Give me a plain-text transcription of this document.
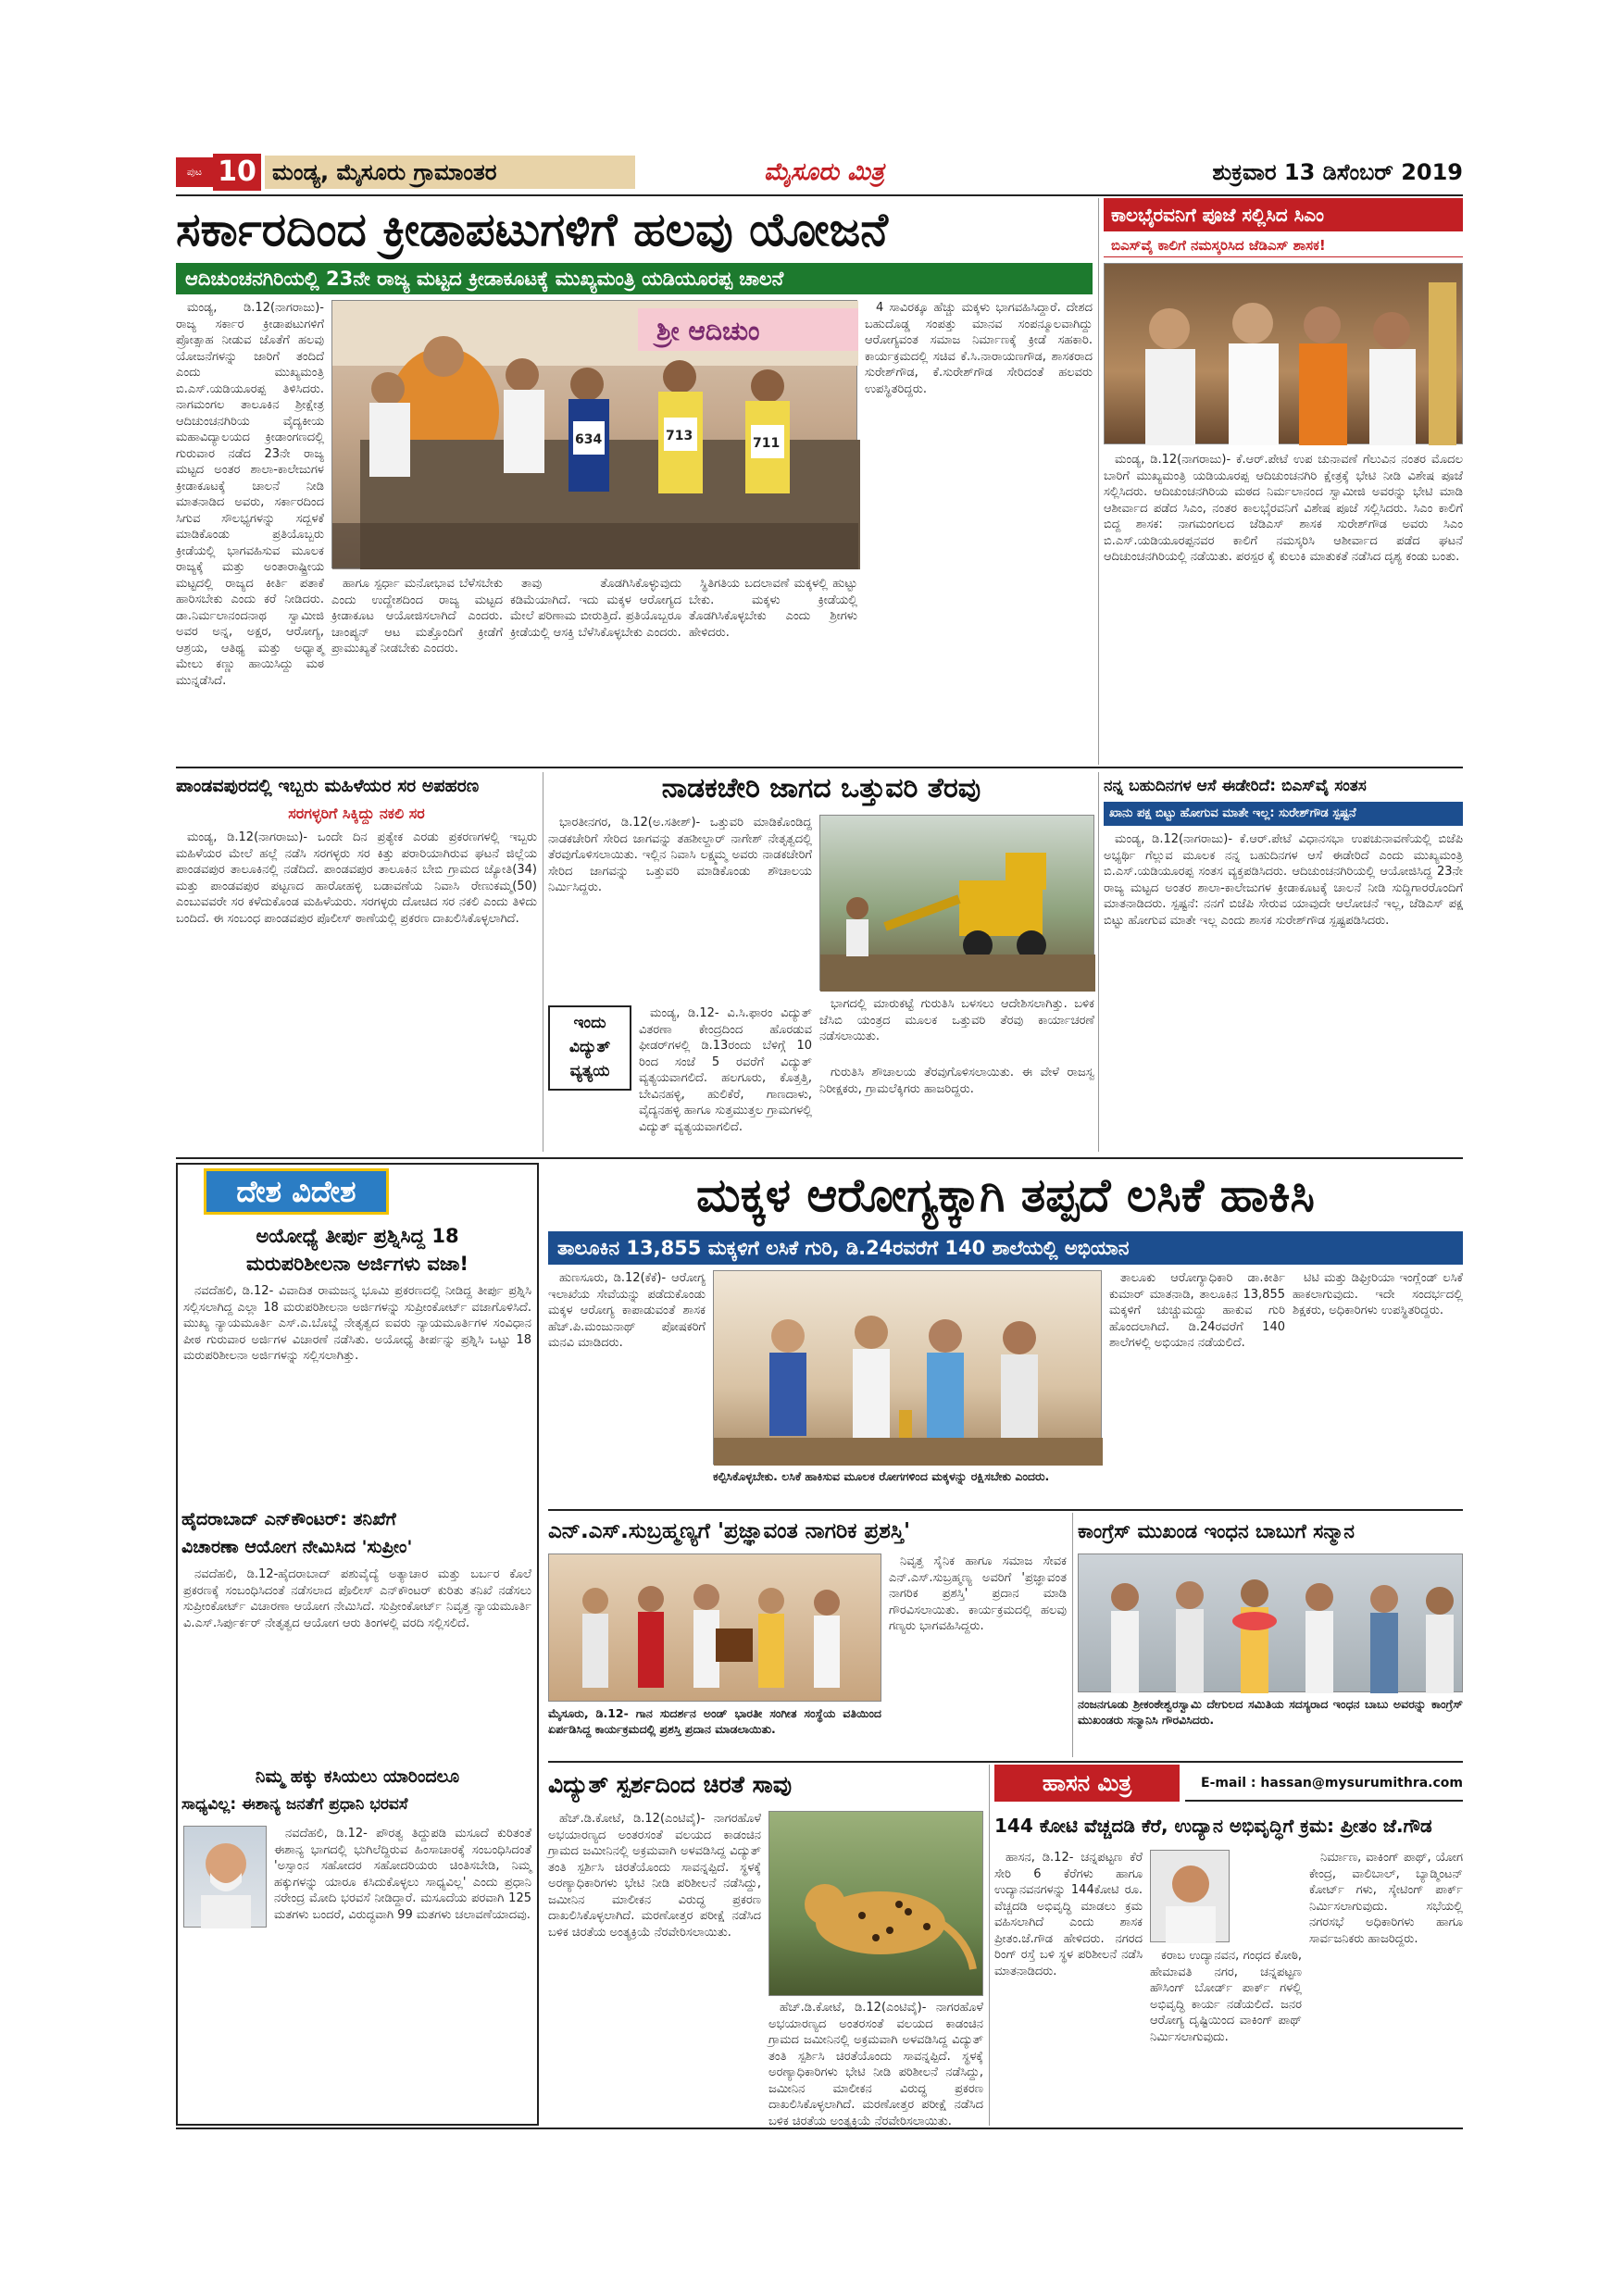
ಪುಟ 10 ಮಂಡ್ಯ, ಮೈಸೂರು ಗ್ರಾಮಾಂತರ	ಮೈಸೂರು ಮಿತ್ರ	ಶುಕ್ರವಾರ 13 ಡಿಸೆಂಬರ್ 2019
ಸರ್ಕಾರದಿಂದ ಕ್ರೀಡಾಪಟುಗಳಿಗೆ ಹಲವು ಯೋಜನೆ
ಆದಿಚುಂಚನಗಿರಿಯಲ್ಲಿ 23ನೇ ರಾಜ್ಯ ಮಟ್ಟದ ಕ್ರೀಡಾಕೂಟಕ್ಕೆ ಮುಖ್ಯಮಂತ್ರಿ ಯಡಿಯೂರಪ್ಪ ಚಾಲನೆ

ಮಂಡ್ಯ, ಡಿ.12(ನಾಗರಾಜು)- ರಾಜ್ಯ ಸರ್ಕಾರ ಕ್ರೀಡಾಪಟುಗಳಿಗೆ ಪ್ರೋತ್ಸಾಹ ನೀಡುವ ಜೊತೆಗೆ ಹಲವು ಯೋಜನೆಗಳನ್ನು ಜಾರಿಗೆ ತಂದಿದೆ ಎಂದು ಮುಖ್ಯಮಂತ್ರಿ ಬಿ.ಎಸ್.ಯಡಿಯೂರಪ್ಪ ತಿಳಿಸಿದರು. ನಾಗಮಂಗಲ ತಾಲೂಕಿನ ಶ್ರೀಕ್ಷೇತ್ರ ಆದಿಚುಂಚನಗಿರಿಯ ವೈದ್ಯಕೀಯ ಮಹಾವಿದ್ಯಾಲಯದ ಕ್ರೀಡಾಂಗಣದಲ್ಲಿ ಗುರುವಾರ ನಡೆದ 23ನೇ ರಾಜ್ಯ ಮಟ್ಟದ ಅಂತರ ಶಾಲಾ-ಕಾಲೇಜುಗಳ ಕ್ರೀಡಾಕೂಟಕ್ಕೆ ಚಾಲನೆ ನೀಡಿ ಮಾತನಾಡಿದ ಅವರು, ಸರ್ಕಾರದಿಂದ ಸಿಗುವ ಸೌಲಭ್ಯಗಳನ್ನು ಸದ್ಬಳಕೆ ಮಾಡಿಕೊಂಡು ಪ್ರತಿಯೊಬ್ಬರು ಕ್ರೀಡೆಯಲ್ಲಿ ಭಾಗವಹಿಸುವ ಮೂಲಕ ರಾಜ್ಯಕ್ಕೆ ಮತ್ತು ಅಂತಾರಾಷ್ಟ್ರೀಯ ಮಟ್ಟದಲ್ಲಿ ರಾಜ್ಯದ ಕೀರ್ತಿ ಪತಾಕೆ ಹಾರಿಸಬೇಕು ಎಂದು ಕರೆ ನೀಡಿದರು. ಡಾ.ನಿರ್ಮಲಾನಂದನಾಥ ಸ್ವಾಮೀಜಿ ಅವರ ಅನ್ನ, ಅಕ್ಷರ, ಆರೋಗ್ಯ, ಆಶ್ರಯ, ಆತಿಥ್ಯ ಮತ್ತು ಅಧ್ಯಾತ್ಮ ಮೇಲು ಕಣ್ಣು ಹಾಯಿಸಿದ್ದು ಮಠ ಮುನ್ನಡೆಸಿದೆ.

ಶ್ರೀ ಆದಿಚುಂ
634	713	711

ಹಾಗೂ ಸ್ಪರ್ಧಾ ಮನೋಭಾವ ಬೆಳೆಸಬೇಕು ಎಂದು ಉದ್ದೇಶದಿಂದ ರಾಜ್ಯ ಮಟ್ಟದ ಕ್ರೀಡಾಕೂಟ ಆಯೋಜಿಸಲಾಗಿದೆ ಎಂದರು. ಚಾಂಪ್ಯನ್ ಆಟ ಮತ್ತೊಂದಿಗೆ ಕ್ರೀಡೆಗೆ ಪ್ರಾಮುಖ್ಯತೆ ನೀಡಬೇಕು ಎಂದರು.

ತಾವು ತೊಡಗಿಸಿಕೊಳ್ಳುವುದು ಕಡಿಮೆಯಾಗಿದೆ. ಇದು ಮಕ್ಕಳ ಆರೋಗ್ಯದ ಮೇಲೆ ಪರಿಣಾಮ ಬೀರುತ್ತಿದೆ. ಪ್ರತಿಯೊಬ್ಬರೂ ಕ್ರೀಡೆಯಲ್ಲಿ ಆಸಕ್ತಿ ಬೆಳೆಸಿಕೊಳ್ಳಬೇಕು ಎಂದರು.

ಸ್ಥಿತಿಗತಿಯ ಬದಲಾವಣೆ ಮಕ್ಕಳಲ್ಲಿ ಹುಟ್ಟು ಬೇಕು. ಮಕ್ಕಳು ಕ್ರೀಡೆಯಲ್ಲಿ ತೊಡಗಿಸಿಕೊಳ್ಳಬೇಕು ಎಂದು ಶ್ರೀಗಳು ಹೇಳಿದರು.

4 ಸಾವಿರಕ್ಕೂ ಹೆಚ್ಚು ಮಕ್ಕಳು ಭಾಗವಹಿಸಿದ್ದಾರೆ. ದೇಶದ ಬಹುದೊಡ್ಡ ಸಂಪತ್ತು ಮಾನವ ಸಂಪನ್ಮೂಲವಾಗಿದ್ದು ಆರೋಗ್ಯವಂತ ಸಮಾಜ ನಿರ್ಮಾಣಕ್ಕೆ ಕ್ರೀಡೆ ಸಹಕಾರಿ. ಕಾರ್ಯಕ್ರಮದಲ್ಲಿ ಸಚಿವ ಕೆ.ಸಿ.ನಾರಾಯಣಗೌಡ, ಶಾಸಕರಾದ ಸುರೇಶ್‌ಗೌಡ, ಕೆ.ಸುರೇಶ್‌ಗೌಡ ಸೇರಿದಂತೆ ಹಲವರು ಉಪಸ್ಥಿತರಿದ್ದರು.

ಕಾಲಭೈರವನಿಗೆ ಪೂಜೆ ಸಲ್ಲಿಸಿದ ಸಿಎಂ
ಬಿಎಸ್‌ವೈ ಕಾಲಿಗೆ ನಮಸ್ಕರಿಸಿದ ಜೆಡಿಎಸ್ ಶಾಸಕ!

ಮಂಡ್ಯ, ಡಿ.12(ನಾಗರಾಜು)- ಕೆ.ಆರ್.ಪೇಟೆ ಉಪ ಚುನಾವಣೆ ಗೆಲುವಿನ ನಂತರ ಮೊದಲ ಬಾರಿಗೆ ಮುಖ್ಯಮಂತ್ರಿ ಯಡಿಯೂರಪ್ಪ ಆದಿಚುಂಚನಗಿರಿ ಕ್ಷೇತ್ರಕ್ಕೆ ಭೇಟಿ ನೀಡಿ ವಿಶೇಷ ಪೂಜೆ ಸಲ್ಲಿಸಿದರು. ಆದಿಚುಂಚನಗಿರಿಯ ಮಠದ ನಿರ್ಮಲಾನಂದ ಸ್ವಾಮೀಜಿ ಅವರನ್ನು ಭೇಟಿ ಮಾಡಿ ಆಶೀರ್ವಾದ ಪಡೆದ ಸಿಎಂ, ನಂತರ ಕಾಲಭೈರವನಿಗೆ ವಿಶೇಷ ಪೂಜೆ ಸಲ್ಲಿಸಿದರು. ಸಿಎಂ ಕಾಲಿಗೆ ಬಿದ್ದ ಶಾಸಕ: ನಾಗಮಂಗಲದ ಜೆಡಿಎಸ್ ಶಾಸಕ ಸುರೇಶ್‌ಗೌಡ ಅವರು ಸಿಎಂ ಬಿ.ಎಸ್.ಯಡಿಯೂರಪ್ಪನವರ ಕಾಲಿಗೆ ನಮಸ್ಕರಿಸಿ ಆಶೀರ್ವಾದ ಪಡೆದ ಘಟನೆ ಆದಿಚುಂಚನಗಿರಿಯಲ್ಲಿ ನಡೆಯಿತು. ಪರಸ್ಪರ ಕೈ ಕುಲುಕಿ ಮಾತುಕತೆ ನಡೆಸಿದ ದೃಶ್ಯ ಕಂಡು ಬಂತು.

ಪಾಂಡವಪುರದಲ್ಲಿ ಇಬ್ಬರು ಮಹಿಳೆಯರ ಸರ ಅಪಹರಣ
ಸರಗಳ್ಳರಿಗೆ ಸಿಕ್ಕಿದ್ದು ನಕಲಿ ಸರ

ಮಂಡ್ಯ, ಡಿ.12(ನಾಗರಾಜು)- ಒಂದೇ ದಿನ ಪ್ರತ್ಯೇಕ ಎರಡು ಪ್ರಕರಣಗಳಲ್ಲಿ ಇಬ್ಬರು ಮಹಿಳೆಯರ ಮೇಲೆ ಹಲ್ಲೆ ನಡೆಸಿ ಸರಗಳ್ಳರು ಸರ ಕಿತ್ತು ಪರಾರಿಯಾಗಿರುವ ಘಟನೆ ಜಿಲ್ಲೆಯ ಪಾಂಡವಪುರ ತಾಲೂಕಿನಲ್ಲಿ ನಡೆದಿದೆ. ಪಾಂಡವಪುರ ತಾಲೂಕಿನ ಬೇಬಿ ಗ್ರಾಮದ ಜ್ಯೋತಿ(34) ಮತ್ತು ಪಾಂಡವಪುರ ಪಟ್ಟಣದ ಹಾರೋಹಳ್ಳಿ ಬಡಾವಣೆಯ ನಿವಾಸಿ ರೇಣುಕಮ್ಮ(50) ಎಂಬುವವರೇ ಸರ ಕಳೆದುಕೊಂಡ ಮಹಿಳೆಯರು. ಸರಗಳ್ಳರು ದೋಚಿದ ಸರ ನಕಲಿ ಎಂದು ತಿಳಿದು ಬಂದಿದೆ. ಈ ಸಂಬಂಧ ಪಾಂಡವಪುರ ಪೊಲೀಸ್ ಠಾಣೆಯಲ್ಲಿ ಪ್ರಕರಣ ದಾಖಲಿಸಿಕೊಳ್ಳಲಾಗಿದೆ.

ನಾಡಕಚೇರಿ ಜಾಗದ ಒತ್ತುವರಿ ತೆರವು

ಭಾರತೀನಗರ, ಡಿ.12(ಅ.ಸತೀಶ್)- ಒತ್ತುವರಿ ಮಾಡಿಕೊಂಡಿದ್ದ ನಾಡಕಚೇರಿಗೆ ಸೇರಿದ ಜಾಗವನ್ನು ತಹಶೀಲ್ದಾರ್ ನಾಗೇಶ್ ನೇತೃತ್ವದಲ್ಲಿ ತೆರವುಗೊಳಿಸಲಾಯಿತು. ಇಲ್ಲಿನ ನಿವಾಸಿ ಲಕ್ಷ್ಮಮ್ಮ ಅವರು ನಾಡಕಚೇರಿಗೆ ಸೇರಿದ ಜಾಗವನ್ನು ಒತ್ತುವರಿ ಮಾಡಿಕೊಂಡು ಶೌಚಾಲಯ ನಿರ್ಮಿಸಿದ್ದರು.

ಭಾಗದಲ್ಲಿ ಮಾರುಕಟ್ಟೆ ಗುರುತಿಸಿ ಬಳಸಲು ಆದೇಶಿಸಲಾಗಿತ್ತು. ಬಳಿಕ ಜೆಸಿಬಿ ಯಂತ್ರದ ಮೂಲಕ ಒತ್ತುವರಿ ತೆರವು ಕಾರ್ಯಾಚರಣೆ ನಡೆಸಲಾಯಿತು.

ಗುರುತಿಸಿ ಶೌಚಾಲಯ ತೆರವುಗೊಳಿಸಲಾಯಿತು. ಈ ವೇಳೆ ರಾಜಸ್ವ ನಿರೀಕ್ಷಕರು, ಗ್ರಾಮಲೆಕ್ಕಿಗರು ಹಾಜರಿದ್ದರು.

ಇಂದು ವಿದ್ಯುತ್ ವ್ಯತ್ಯಯ

ಮಂಡ್ಯ, ಡಿ.12- ವಿ.ಸಿ.ಫಾರಂ ವಿದ್ಯುತ್ ವಿತರಣಾ ಕೇಂದ್ರದಿಂದ ಹೊರಡುವ ಫೀಡರ್‌ಗಳಲ್ಲಿ ಡಿ.13ರಂದು ಬೆಳಿಗ್ಗೆ 10 ರಿಂದ ಸಂಜೆ 5 ರವರೆಗೆ ವಿದ್ಯುತ್ ವ್ಯತ್ಯಯವಾಗಲಿದೆ. ಹಲಗೂರು, ಕೊತ್ತತ್ತಿ, ಬೇವಿನಹಳ್ಳಿ, ಹುಲಿಕೆರೆ, ಗಾಣದಾಳು, ವೈದ್ಯನಹಳ್ಳಿ ಹಾಗೂ ಸುತ್ತಮುತ್ತಲ ಗ್ರಾಮಗಳಲ್ಲಿ ವಿದ್ಯುತ್ ವ್ಯತ್ಯಯವಾಗಲಿದೆ.

ನನ್ನ ಬಹುದಿನಗಳ ಆಸೆ ಈಡೇರಿದೆ: ಬಿಎಸ್‌ವೈ ಸಂತಸ
ಖಾನು ಪಕ್ಷ ಬಿಟ್ಟು ಹೋಗುವ ಮಾತೇ ಇಲ್ಲ: ಸುರೇಶ್‌ಗೌಡ ಸ್ಪಷ್ಟನೆ

ಮಂಡ್ಯ, ಡಿ.12(ನಾಗರಾಜು)- ಕೆ.ಆರ್.ಪೇಟೆ ವಿಧಾನಸಭಾ ಉಪಚುನಾವಣೆಯಲ್ಲಿ ಬಿಜೆಪಿ ಅಭ್ಯರ್ಥಿ ಗೆಲ್ಲುವ ಮೂಲಕ ನನ್ನ ಬಹುದಿನಗಳ ಆಸೆ ಈಡೇರಿದೆ ಎಂದು ಮುಖ್ಯಮಂತ್ರಿ ಬಿ.ಎಸ್.ಯಡಿಯೂರಪ್ಪ ಸಂತಸ ವ್ಯಕ್ತಪಡಿಸಿದರು. ಆದಿಚುಂಚನಗಿರಿಯಲ್ಲಿ ಆಯೋಜಿಸಿದ್ದ 23ನೇ ರಾಜ್ಯ ಮಟ್ಟದ ಅಂತರ ಶಾಲಾ-ಕಾಲೇಜುಗಳ ಕ್ರೀಡಾಕೂಟಕ್ಕೆ ಚಾಲನೆ ನೀಡಿ ಸುದ್ದಿಗಾರರೊಂದಿಗೆ ಮಾತನಾಡಿದರು. ಸ್ಪಷ್ಟನೆ: ನನಗೆ ಬಿಜೆಪಿ ಸೇರುವ ಯಾವುದೇ ಆಲೋಚನೆ ಇಲ್ಲ, ಜೆಡಿಎಸ್ ಪಕ್ಷ ಬಿಟ್ಟು ಹೋಗುವ ಮಾತೇ ಇಲ್ಲ ಎಂದು ಶಾಸಕ ಸುರೇಶ್‌ಗೌಡ ಸ್ಪಷ್ಟಪಡಿಸಿದರು.

ದೇಶ ವಿದೇಶ
ಅಯೋಧ್ಯೆ ತೀರ್ಪು ಪ್ರಶ್ನಿಸಿದ್ದ 18
ಮರುಪರಿಶೀಲನಾ ಅರ್ಜಿಗಳು ವಜಾ!

ನವದೆಹಲಿ, ಡಿ.12- ವಿವಾದಿತ ರಾಮಜನ್ಮ ಭೂಮಿ ಪ್ರಕರಣದಲ್ಲಿ ನೀಡಿದ್ದ ತೀರ್ಪು ಪ್ರಶ್ನಿಸಿ ಸಲ್ಲಿಸಲಾಗಿದ್ದ ಎಲ್ಲಾ 18 ಮರುಪರಿಶೀಲನಾ ಅರ್ಜಿಗಳನ್ನು ಸುಪ್ರೀಂಕೋರ್ಟ್ ವಜಾಗೊಳಿಸಿದೆ. ಮುಖ್ಯ ನ್ಯಾಯಮೂರ್ತಿ ಎಸ್.ಎ.ಬೊಬ್ಡೆ ನೇತೃತ್ವದ ಐವರು ನ್ಯಾಯಮೂರ್ತಿಗಳ ಸಂವಿಧಾನ ಪೀಠ ಗುರುವಾರ ಅರ್ಜಿಗಳ ವಿಚಾರಣೆ ನಡೆಸಿತು. ಅಯೋಧ್ಯೆ ತೀರ್ಪನ್ನು ಪ್ರಶ್ನಿಸಿ ಒಟ್ಟು 18 ಮರುಪರಿಶೀಲನಾ ಅರ್ಜಿಗಳನ್ನು ಸಲ್ಲಿಸಲಾಗಿತ್ತು.

ಹೈದರಾಬಾದ್ ಎನ್‌ಕೌಂಟರ್: ತನಿಖೆಗೆ
ವಿಚಾರಣಾ ಆಯೋಗ ನೇಮಿಸಿದ 'ಸುಪ್ರೀಂ'

ನವದೆಹಲಿ, ಡಿ.12-ಹೈದರಾಬಾದ್ ಪಶುವೈದ್ಯೆ ಅತ್ಯಾಚಾರ ಮತ್ತು ಬರ್ಬರ ಕೊಲೆ ಪ್ರಕರಣಕ್ಕೆ ಸಂಬಂಧಿಸಿದಂತೆ ನಡೆಸಲಾದ ಪೊಲೀಸ್ ಎನ್‌ಕೌಂಟರ್ ಕುರಿತು ತನಿಖೆ ನಡೆಸಲು ಸುಪ್ರೀಂಕೋರ್ಟ್ ವಿಚಾರಣಾ ಆಯೋಗ ನೇಮಿಸಿದೆ. ಸುಪ್ರೀಂಕೋರ್ಟ್ ನಿವೃತ್ತ ನ್ಯಾಯಮೂರ್ತಿ ವಿ.ಎಸ್.ಸಿರ್ಪುರ್ಕರ್ ನೇತೃತ್ವದ ಆಯೋಗ ಆರು ತಿಂಗಳಲ್ಲಿ ವರದಿ ಸಲ್ಲಿಸಲಿದೆ.

ನಿಮ್ಮ ಹಕ್ಕು ಕಸಿಯಲು ಯಾರಿಂದಲೂ
ಸಾಧ್ಯವಿಲ್ಲ: ಈಶಾನ್ಯ ಜನತೆಗೆ ಪ್ರಧಾನಿ ಭರವಸೆ

ನವದೆಹಲಿ, ಡಿ.12- ಪೌರತ್ವ ತಿದ್ದುಪಡಿ ಮಸೂದೆ ಕುರಿತಂತೆ ಈಶಾನ್ಯ ಭಾಗದಲ್ಲಿ ಭುಗಿಲೆದ್ದಿರುವ ಹಿಂಸಾಚಾರಕ್ಕೆ ಸಂಬಂಧಿಸಿದಂತೆ 'ಅಸ್ಸಾಂನ ಸಹೋದರ ಸಹೋದರಿಯರು ಚಿಂತಿಸಬೇಡಿ, ನಿಮ್ಮ ಹಕ್ಕುಗಳನ್ನು ಯಾರೂ ಕಸಿದುಕೊಳ್ಳಲು ಸಾಧ್ಯವಿಲ್ಲ' ಎಂದು ಪ್ರಧಾನಿ ನರೇಂದ್ರ ಮೋದಿ ಭರವಸೆ ನೀಡಿದ್ದಾರೆ. ಮಸೂದೆಯ ಪರವಾಗಿ 125 ಮತಗಳು ಬಂದರೆ, ವಿರುದ್ಧವಾಗಿ 99 ಮತಗಳು ಚಲಾವಣೆಯಾದವು.

ಮಕ್ಕಳ ಆರೋಗ್ಯಕ್ಕಾಗಿ ತಪ್ಪದೆ ಲಸಿಕೆ ಹಾಕಿಸಿ
ತಾಲೂಕಿನ 13,855 ಮಕ್ಕಳಿಗೆ ಲಸಿಕೆ ಗುರಿ, ಡಿ.24ರವರೆಗೆ 140 ಶಾಲೆಯಲ್ಲಿ ಅಭಿಯಾನ

ಹುಣಸೂರು, ಡಿ.12(ಕೆಕೆ)- ಆರೋಗ್ಯ ಇಲಾಖೆಯ ಸೇವೆಯನ್ನು ಪಡೆದುಕೊಂಡು ಮಕ್ಕಳ ಆರೋಗ್ಯ ಕಾಪಾಡುವಂತೆ ಶಾಸಕ ಹೆಚ್.ಪಿ.ಮಂಜುನಾಥ್ ಪೋಷಕರಿಗೆ ಮನವಿ ಮಾಡಿದರು.

ಕಲ್ಪಿಸಿಕೊಳ್ಳಬೇಕು. ಲಸಿಕೆ ಹಾಕಿಸುವ ಮೂಲಕ ರೋಗಗಳಿಂದ ಮಕ್ಕಳನ್ನು ರಕ್ಷಿಸಬೇಕು ಎಂದರು.

ತಾಲೂಕು ಆರೋಗ್ಯಾಧಿಕಾರಿ ಡಾ.ಕೀರ್ತಿ ಕುಮಾರ್ ಮಾತನಾಡಿ, ತಾಲೂಕಿನ 13,855 ಮಕ್ಕಳಿಗೆ ಚುಚ್ಚುಮದ್ದು ಹಾಕುವ ಗುರಿ ಹೊಂದಲಾಗಿದೆ. ಡಿ.24ರವರೆಗೆ 140 ಶಾಲೆಗಳಲ್ಲಿ ಅಭಿಯಾನ ನಡೆಯಲಿದೆ.

ಟಿಟಿ ಮತ್ತು ಡಿಫ್ತೀರಿಯಾ ಇಂಗ್ಲೆಂಡ್ ಲಸಿಕೆ ಹಾಕಲಾಗುವುದು. ಇದೇ ಸಂದರ್ಭದಲ್ಲಿ ಶಿಕ್ಷಕರು, ಅಧಿಕಾರಿಗಳು ಉಪಸ್ಥಿತರಿದ್ದರು.

ಎನ್.ಎಸ್.ಸುಬ್ರಹ್ಮಣ್ಯಗೆ 'ಪ್ರಜ್ಞಾವಂತ ನಾಗರಿಕ ಪ್ರಶಸ್ತಿ'

ನಿವೃತ್ತ ಸೈನಿಕ ಹಾಗೂ ಸಮಾಜ ಸೇವಕ ಎನ್.ಎಸ್.ಸುಬ್ರಹ್ಮಣ್ಯ ಅವರಿಗೆ 'ಪ್ರಜ್ಞಾವಂತ ನಾಗರಿಕ ಪ್ರಶಸ್ತಿ' ಪ್ರದಾನ ಮಾಡಿ ಗೌರವಿಸಲಾಯಿತು. ಕಾರ್ಯಕ್ರಮದಲ್ಲಿ ಹಲವು ಗಣ್ಯರು ಭಾಗವಹಿಸಿದ್ದರು.

ಮೈಸೂರು, ಡಿ.12- ಗಾನ ಸುದರ್ಶನ ಅಂಡ್ ಭಾರತೀ ಸಂಗೀತ ಸಂಸ್ಥೆಯ ವತಿಯಿಂದ ಏರ್ಪಡಿಸಿದ್ದ ಕಾರ್ಯಕ್ರಮದಲ್ಲಿ ಪ್ರಶಸ್ತಿ ಪ್ರದಾನ ಮಾಡಲಾಯಿತು.
ಕಾಂಗ್ರೆಸ್ ಮುಖಂಡ ಇಂಧನ ಬಾಬುಗೆ ಸನ್ಮಾನ
ನಂಜನಗೂಡು ಶ್ರೀಕಂಠೇಶ್ವರಸ್ವಾಮಿ ದೇಗುಲದ ಸಮಿತಿಯ ಸದಸ್ಯರಾದ ಇಂಧನ ಬಾಬು ಅವರನ್ನು ಕಾಂಗ್ರೆಸ್ ಮುಖಂಡರು ಸನ್ಮಾನಿಸಿ ಗೌರವಿಸಿದರು.
ವಿದ್ಯುತ್ ಸ್ಪರ್ಶದಿಂದ ಚಿರತೆ ಸಾವು

ಹೆಚ್.ಡಿ.ಕೋಟೆ, ಡಿ.12(ಎಂಟಿವೈ)- ನಾಗರಹೊಳೆ ಅಭಯಾರಣ್ಯದ ಅಂತರಸಂತೆ ವಲಯದ ಕಾಡಂಚಿನ ಗ್ರಾಮದ ಜಮೀನಿನಲ್ಲಿ ಅಕ್ರಮವಾಗಿ ಅಳವಡಿಸಿದ್ದ ವಿದ್ಯುತ್ ತಂತಿ ಸ್ಪರ್ಶಿಸಿ ಚಿರತೆಯೊಂದು ಸಾವನ್ನಪ್ಪಿದೆ. ಸ್ಥಳಕ್ಕೆ ಅರಣ್ಯಾಧಿಕಾರಿಗಳು ಭೇಟಿ ನೀಡಿ ಪರಿಶೀಲನೆ ನಡೆಸಿದ್ದು, ಜಮೀನಿನ ಮಾಲೀಕನ ವಿರುದ್ಧ ಪ್ರಕರಣ ದಾಖಲಿಸಿಕೊಳ್ಳಲಾಗಿದೆ. ಮರಣೋತ್ತರ ಪರೀಕ್ಷೆ ನಡೆಸಿದ ಬಳಿಕ ಚಿರತೆಯ ಅಂತ್ಯಕ್ರಿಯೆ ನೆರವೇರಿಸಲಾಯಿತು.

ಹೆಚ್.ಡಿ.ಕೋಟೆ, ಡಿ.12(ಎಂಟಿವೈ)- ನಾಗರಹೊಳೆ ಅಭಯಾರಣ್ಯದ ಅಂತರಸಂತೆ ವಲಯದ ಕಾಡಂಚಿನ ಗ್ರಾಮದ ಜಮೀನಿನಲ್ಲಿ ಅಕ್ರಮವಾಗಿ ಅಳವಡಿಸಿದ್ದ ವಿದ್ಯುತ್ ತಂತಿ ಸ್ಪರ್ಶಿಸಿ ಚಿರತೆಯೊಂದು ಸಾವನ್ನಪ್ಪಿದೆ. ಸ್ಥಳಕ್ಕೆ ಅರಣ್ಯಾಧಿಕಾರಿಗಳು ಭೇಟಿ ನೀಡಿ ಪರಿಶೀಲನೆ ನಡೆಸಿದ್ದು, ಜಮೀನಿನ ಮಾಲೀಕನ ವಿರುದ್ಧ ಪ್ರಕರಣ ದಾಖಲಿಸಿಕೊಳ್ಳಲಾಗಿದೆ. ಮರಣೋತ್ತರ ಪರೀಕ್ಷೆ ನಡೆಸಿದ ಬಳಿಕ ಚಿರತೆಯ ಅಂತ್ಯಕ್ರಿಯೆ ನೆರವೇರಿಸಲಾಯಿತು.

ಹಾಸನ ಮಿತ್ರ	E-mail : hassan@mysurumithra.com
144 ಕೋಟಿ ವೆಚ್ಚದಡಿ ಕೆರೆ, ಉದ್ಯಾನ ಅಭಿವೃದ್ಧಿಗೆ ಕ್ರಮ: ಪ್ರೀತಂ ಜೆ.ಗೌಡ

ಹಾಸನ, ಡಿ.12- ಚನ್ನಪಟ್ಟಣ ಕೆರೆ ಸೇರಿ 6 ಕೆರೆಗಳು ಹಾಗೂ ಉದ್ಯಾನವನಗಳನ್ನು 144ಕೋಟಿ ರೂ. ವೆಚ್ಚದಡಿ ಅಭಿವೃದ್ಧಿ ಮಾಡಲು ಕ್ರಮ ವಹಿಸಲಾಗಿದೆ ಎಂದು ಶಾಸಕ ಪ್ರೀತಂ.ಜೆ.ಗೌಡ ಹೇಳಿದರು. ನಗರದ ರಿಂಗ್ ರಸ್ತೆ ಬಳಿ ಸ್ಥಳ ಪರಿಶೀಲನೆ ನಡೆಸಿ ಮಾತನಾಡಿದರು.

ಕರಾಬ ಉದ್ಯಾನವನ, ಗಂಧದ ಕೋಠಿ, ಹೇಮಾವತಿ ನಗರ, ಚನ್ನಪಟ್ಟಣ ಹೌಸಿಂಗ್ ಬೋರ್ಡ್ ಪಾರ್ಕ್ ಗಳಲ್ಲಿ ಅಭಿವೃದ್ಧಿ ಕಾರ್ಯ ನಡೆಯಲಿದೆ. ಜನರ ಆರೋಗ್ಯ ದೃಷ್ಟಿಯಿಂದ ವಾಕಿಂಗ್ ಪಾಥ್ ನಿರ್ಮಿಸಲಾಗುವುದು.

ನಿರ್ಮಾಣ, ವಾಕಿಂಗ್ ಪಾಥ್, ಯೋಗ ಕೇಂದ್ರ, ವಾಲಿಬಾಲ್, ಬ್ಯಾಡ್ಮಿಂಟನ್ ಕೋರ್ಟ್ ಗಳು, ಸ್ಕೇಟಿಂಗ್ ಪಾರ್ಕ್ ನಿರ್ಮಿಸಲಾಗುವುದು. ಸಭೆಯಲ್ಲಿ ನಗರಸಭೆ ಅಧಿಕಾರಿಗಳು ಹಾಗೂ ಸಾರ್ವಜನಿಕರು ಹಾಜರಿದ್ದರು.
